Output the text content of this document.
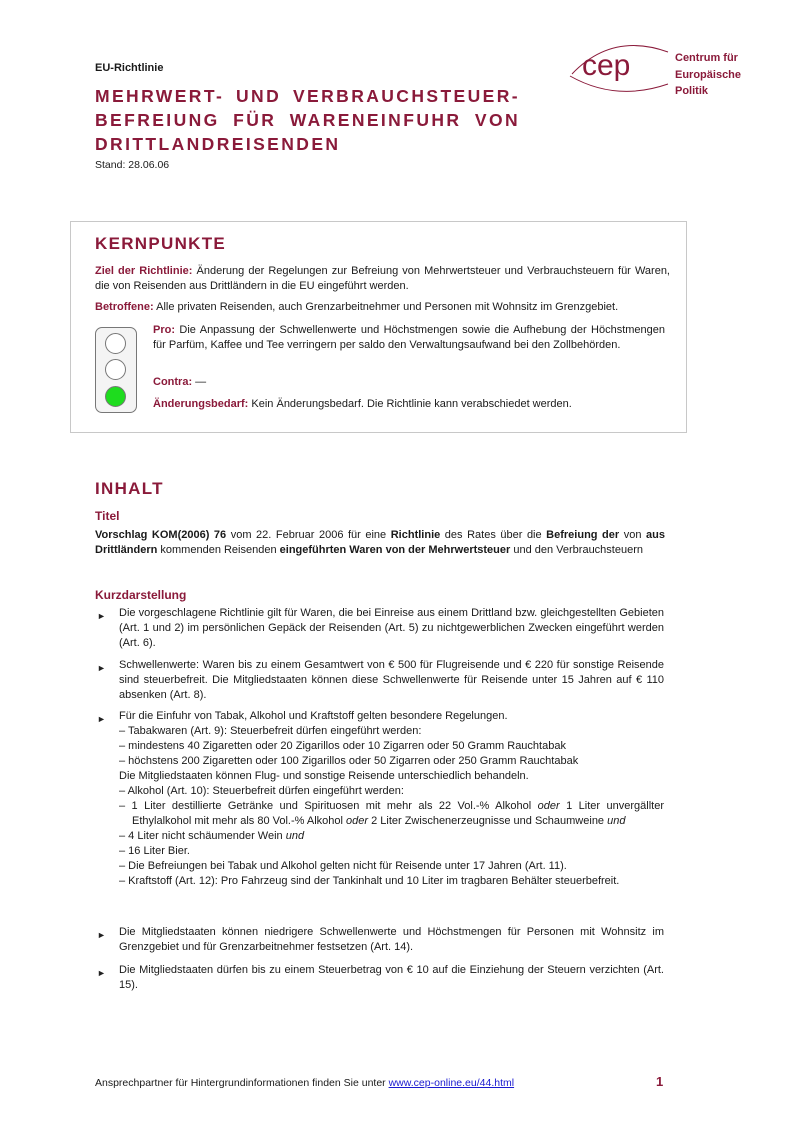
EU-Richtlinie
MEHRWERT- UND VERBRAUCHSTEUER-BEFREIUNG FÜR WARENEINFUHR VON DRITTLANDREISENDEN
Stand: 28.06.06
cep	Centrum für
Europäische
Politik
KERNPUNKTE
Ziel der Richtlinie: Änderung der Regelungen zur Befreiung von Mehrwertsteuer und Verbrauchsteuern für Waren, die von Reisenden aus Drittländern in die EU eingeführt werden.
Betroffene: Alle privaten Reisenden, auch Grenzarbeitnehmer und Personen mit Wohnsitz im Grenzgebiet.
Pro: Die Anpassung der Schwellenwerte und Höchstmengen sowie die Aufhebung der Höchstmengen für Parfüm, Kaffee und Tee verringern per saldo den Verwaltungsaufwand bei den Zollbehörden.
Contra: —
Änderungsbedarf: Kein Änderungsbedarf. Die Richtlinie kann verabschiedet werden.
INHALT
Titel
Vorschlag KOM(2006) 76 vom 22. Februar 2006 für eine Richtlinie des Rates über die Befreiung der von aus Drittländern kommenden Reisenden eingeführten Waren von der Mehrwertsteuer und den Verbrauchsteuern
Kurzdarstellung
► Die vorgeschlagene Richtlinie gilt für Waren, die bei Einreise aus einem Drittland bzw. gleichgestellten Gebieten (Art. 1 und 2) im persönlichen Gepäck der Reisenden (Art. 5) zu nichtgewerblichen Zwecken eingeführt werden (Art. 6).
► Schwellenwerte: Waren bis zu einem Gesamtwert von € 500 für Flugreisende und € 220 für sonstige Reisende sind steuerbefreit. Die Mitgliedstaaten können diese Schwellenwerte für Reisende unter 15 Jahren auf € 110 absenken (Art. 8).
► Für die Einfuhr von Tabak, Alkohol und Kraftstoff gelten besondere Regelungen.
– Tabakwaren (Art. 9): Steuerbefreit dürfen eingeführt werden:
– mindestens 40 Zigaretten oder 20 Zigarillos oder 10 Zigarren oder 50 Gramm Rauchtabak
– höchstens 200 Zigaretten oder 100 Zigarillos oder 50 Zigarren oder 250 Gramm Rauchtabak
Die Mitgliedstaaten können Flug- und sonstige Reisende unterschiedlich behandeln.
– Alkohol (Art. 10): Steuerbefreit dürfen eingeführt werden:
– 1 Liter destillierte Getränke und Spirituosen mit mehr als 22 Vol.-% Alkohol oder 1 Liter unvergällter Ethylalkohol mit mehr als 80 Vol.-% Alkohol oder 2 Liter Zwischenerzeugnisse und Schaumweine und
– 4 Liter nicht schäumender Wein und
– 16 Liter Bier.
– Die Befreiungen bei Tabak und Alkohol gelten nicht für Reisende unter 17 Jahren (Art. 11).
– Kraftstoff (Art. 12): Pro Fahrzeug sind der Tankinhalt und 10 Liter im tragbaren Behälter steuerbefreit.
► Die Mitgliedstaaten können niedrigere Schwellenwerte und Höchstmengen für Personen mit Wohnsitz im Grenzgebiet und für Grenzarbeitnehmer festsetzen (Art. 14).
► Die Mitgliedstaaten dürfen bis zu einem Steuerbetrag von € 10 auf die Einziehung der Steuern verzichten (Art. 15).
Ansprechpartner für Hintergrundinformationen finden Sie unter www.cep-online.eu/44.html	1
